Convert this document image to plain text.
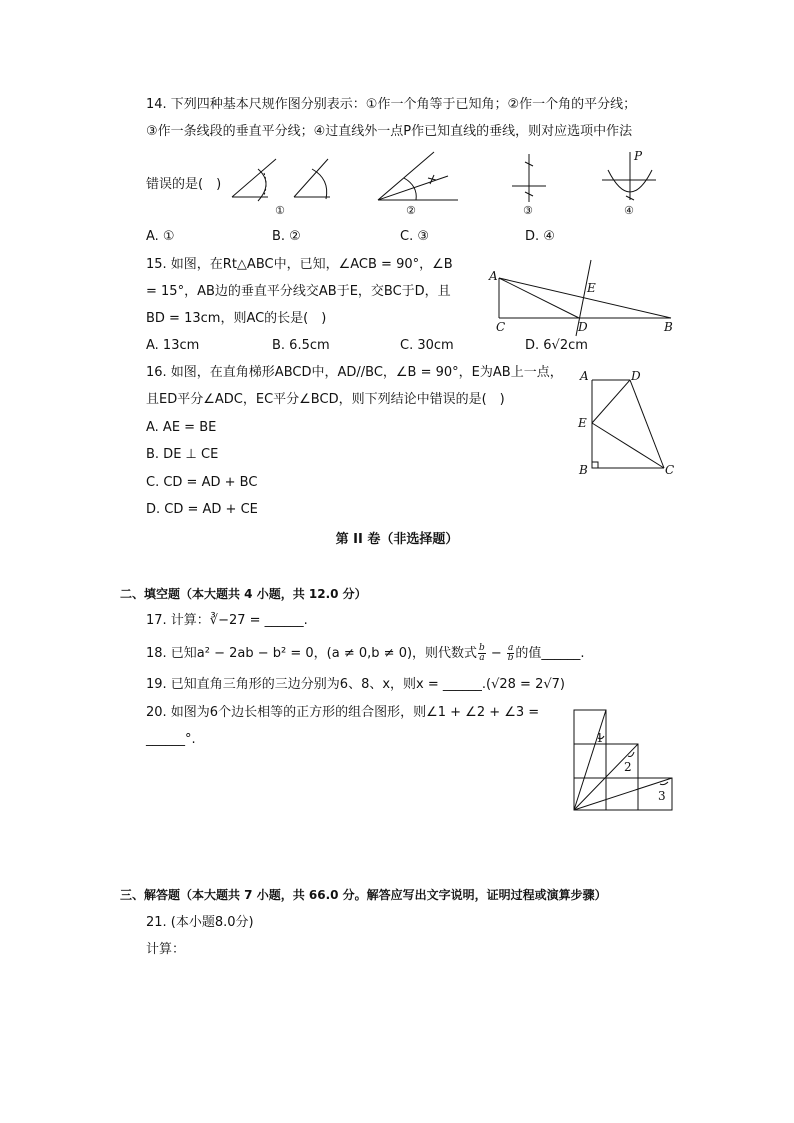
14. 下列四种基本尺规作图分别表示：①作一个角等于已知角；②作一个角的平分线；
③作一条线段的垂直平分线；④过直线外一点P作已知直线的垂线，则对应选项中作法
错误的是(　)
①	②	③
P
④
A. ①	B. ②	C. ③	D. ④
15. 如图，在Rt△ABC中，已知，∠ACB = 90°，∠B
= 15°，AB边的垂直平分线交AB于E，交BC于D，且
BD = 13cm，则AC的长是(　)
A
E
C	D	B
A. 13cm	B. 6.5cm	C. 30cm	D. 6√2cm
16. 如图，在直角梯形ABCD中，AD//BC，∠B = 90°，E为AB上一点，
且ED平分∠ADC，EC平分∠BCD，则下列结论中错误的是(　)
A	D
E
B	C
A. AE = BE
B. DE ⊥ CE
C. CD = AD + BC
D. CD = AD + CE
第 II 卷（非选择题）
二、填空题（本大题共 4 小题，共 12.0 分）
17. 计算：∛−27 = ______.
18. 已知a² − 2ab − b² = 0，(a ≠ 0,b ≠ 0)，则代数式 $\frac{b}{a} - \frac{a}{b}$ 的值______.
19. 已知直角三角形的三边分别为6、8、x，则x = ______.(√28 = 2√7)
20. 如图为6个边长相等的正方形的组合图形，则∠1 + ∠2 + ∠3 =
______°.	1
2
3
三、解答题（本大题共 7 小题，共 66.0 分。解答应写出文字说明，证明过程或演算步骤）
21. (本小题8.0分)
计算：
